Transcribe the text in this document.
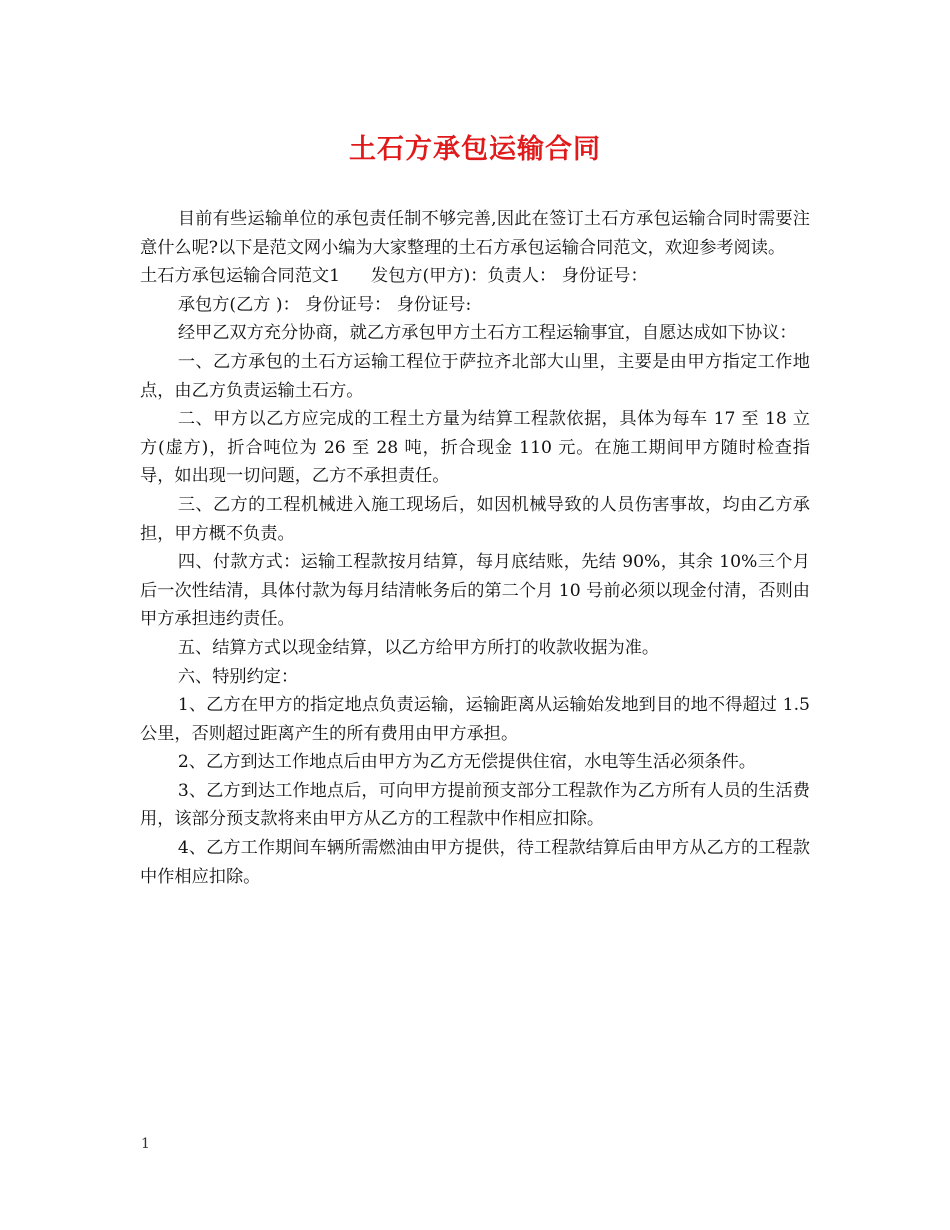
土石方承包运输合同

目前有些运输单位的承包责任制不够完善,因此在签订土石方承包运输合同时需要注意什么呢?以下是范文网小编为大家整理的土石方承包运输合同范文，欢迎参考阅读。

土石方承包运输合同范文1 发包方(甲方)：负责人： 身份证号：

承包方(乙方 )： 身份证号： 身份证号:

经甲乙双方充分协商，就乙方承包甲方土石方工程运输事宜，自愿达成如下协议：

一、乙方承包的土石方运输工程位于萨拉齐北部大山里，主要是由甲方指定工作地点，由乙方负责运输土石方。

二、甲方以乙方应完成的工程土方量为结算工程款依据，具体为每车 17 至 18 立方(虚方)，折合吨位为 26 至 28 吨，折合现金 110 元。在施工期间甲方随时检查指导，如出现一切问题，乙方不承担责任。

三、乙方的工程机械进入施工现场后，如因机械导致的人员伤害事故，均由乙方承担，甲方概不负责。

四、付款方式：运输工程款按月结算，每月底结账，先结 90%，其余 10%三个月后一次性结清，具体付款为每月结清帐务后的第二个月 10 号前必须以现金付清，否则由甲方承担违约责任。

五、结算方式以现金结算，以乙方给甲方所打的收款收据为准。

六、特别约定：

1、乙方在甲方的指定地点负责运输，运输距离从运输始发地到目的地不得超过 1.5 公里，否则超过距离产生的所有费用由甲方承担。

2、乙方到达工作地点后由甲方为乙方无偿提供住宿，水电等生活必须条件。

3、乙方到达工作地点后，可向甲方提前预支部分工程款作为乙方所有人员的生活费用，该部分预支款将来由甲方从乙方的工程款中作相应扣除。

4、乙方工作期间车辆所需燃油由甲方提供，待工程款结算后由甲方从乙方的工程款中作相应扣除。

1
